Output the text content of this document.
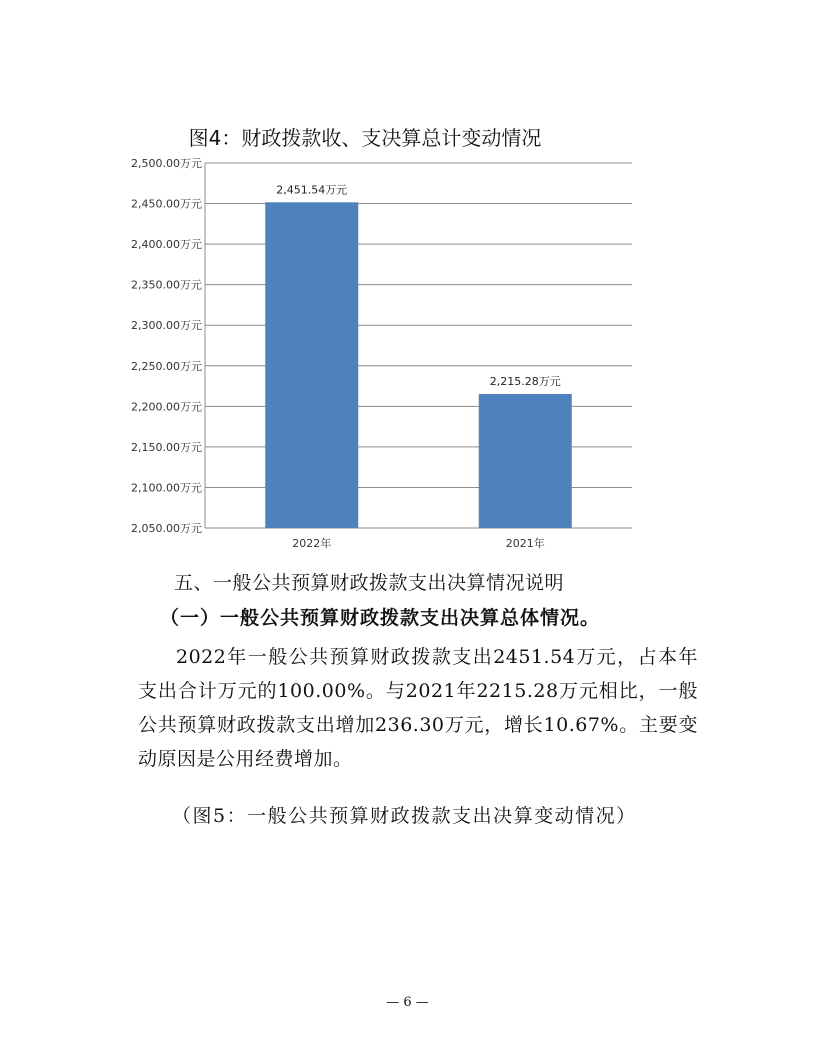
图4：财政拨款收、支决算总计变动情况
2,050.00万元
2,100.00万元
2,150.00万元
2,200.00万元
2,250.00万元
2,300.00万元
2,350.00万元
2,400.00万元
2,450.00万元
2,500.00万元
2,451.54万元
2022年
2,215.28万元
2021年
五、一般公共预算财政拨款支出决算情况说明
（一）一般公共预算财政拨款支出决算总体情况。

2022年一般公共预算财政拨款支出2451.54万元，占本年支出合计万元的100.00%。与2021年2215.28万元相比，一般公共预算财政拨款支出增加236.30万元，增长10.67%。主要变动原因是公用经费增加。

（图5：一般公共预算财政拨款支出决算变动情况）

— 6 —
